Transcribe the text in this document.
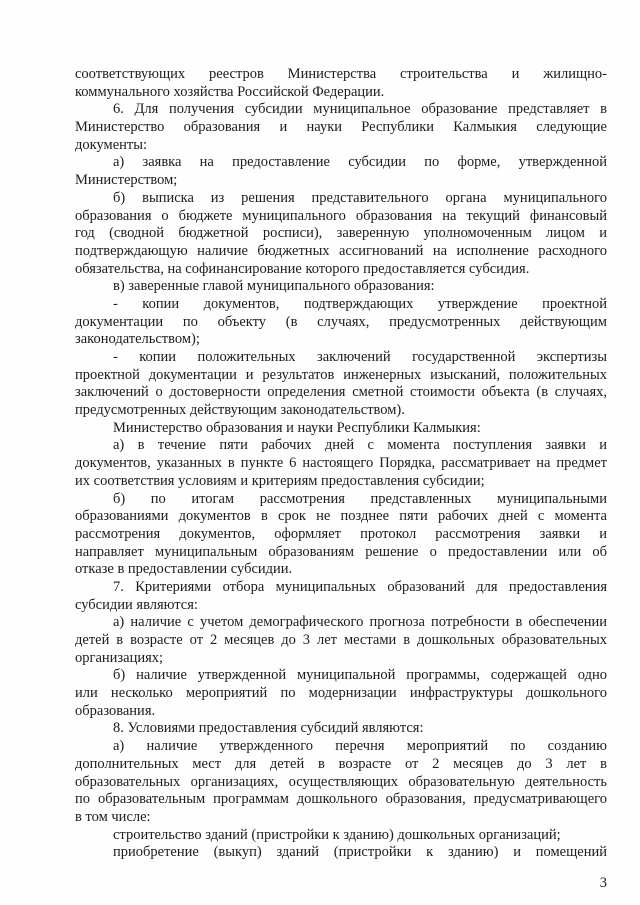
соответствующих реестров Министерства строительства и жилищно-
коммунального хозяйства Российской Федерации.
6. Для получения субсидии муниципальное образование представляет в
Министерство образования и науки Республики Калмыкия следующие
документы:
а) заявка на предоставление субсидии по форме, утвержденной
Министерством;
б) выписка из решения представительного органа муниципального
образования о бюджете муниципального образования на текущий финансовый
год (сводной бюджетной росписи), заверенную уполномоченным лицом и
подтверждающую наличие бюджетных ассигнований на исполнение расходного
обязательства, на софинансирование которого предоставляется субсидия.
в) заверенные главой муниципального образования:
- копии документов, подтверждающих утверждение проектной
документации по объекту (в случаях, предусмотренных действующим
законодательством);
- копии положительных заключений государственной экспертизы
проектной документации и результатов инженерных изысканий, положительных
заключений о достоверности определения сметной стоимости объекта (в случаях,
предусмотренных действующим законодательством).
Министерство образования и науки Республики Калмыкия:
а) в течение пяти рабочих дней с момента поступления заявки и
документов, указанных в пункте 6 настоящего Порядка, рассматривает на предмет
их соответствия условиям и критериям предоставления субсидии;
б) по итогам рассмотрения представленных муниципальными
образованиями документов в срок не позднее пяти рабочих дней с момента
рассмотрения документов, оформляет протокол рассмотрения заявки и
направляет муниципальным образованиям решение о предоставлении или об
отказе в предоставлении субсидии.
7. Критериями отбора муниципальных образований для предоставления
субсидии являются:
а) наличие с учетом демографического прогноза потребности в обеспечении
детей в возрасте от 2 месяцев до 3 лет местами в дошкольных образовательных
организациях;
б) наличие утвержденной муниципальной программы, содержащей одно
или несколько мероприятий по модернизации инфраструктуры дошкольного
образования.
8. Условиями предоставления субсидий являются:
а) наличие утвержденного перечня мероприятий по созданию
дополнительных мест для детей в возрасте от 2 месяцев до 3 лет в
образовательных организациях, осуществляющих образовательную деятельность
по образовательным программам дошкольного образования, предусматривающего
в том числе:
строительство зданий (пристройки к зданию) дошкольных организаций;
приобретение (выкуп) зданий (пристройки к зданию) и помещений
3
